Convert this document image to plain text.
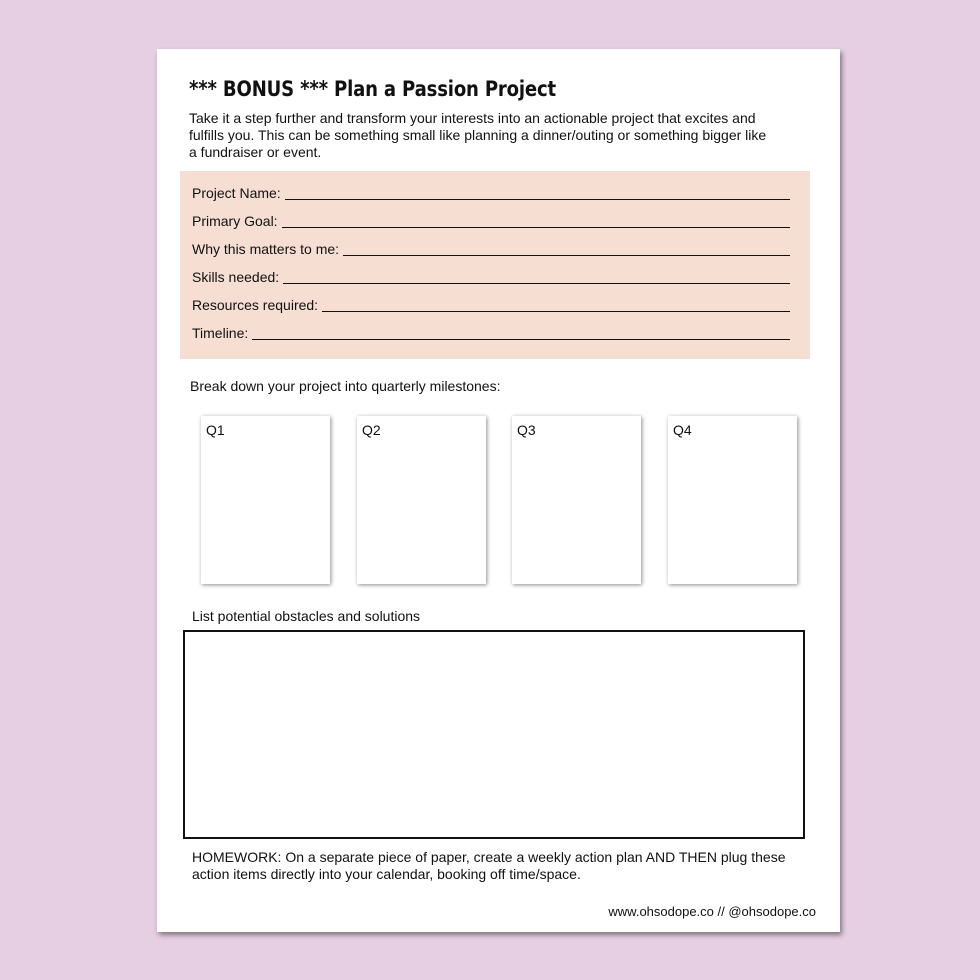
*** BONUS *** Plan a Passion Project
Take it a step further and transform your interests into an actionable project that excites and
fulfills you. This can be something small like planning a dinner/outing or something bigger like
a fundraiser or event.
Project Name:
Primary Goal:
Why this matters to me:
Skills needed:
Resources required:
Timeline:
Break down your project into quarterly milestones:
Q1	Q2	Q3	Q4
List potential obstacles and solutions
HOMEWORK: On a separate piece of paper, create a weekly action plan AND THEN plug these
action items directly into your calendar, booking off time/space.
www.ohsodope.co // @ohsodope.co
